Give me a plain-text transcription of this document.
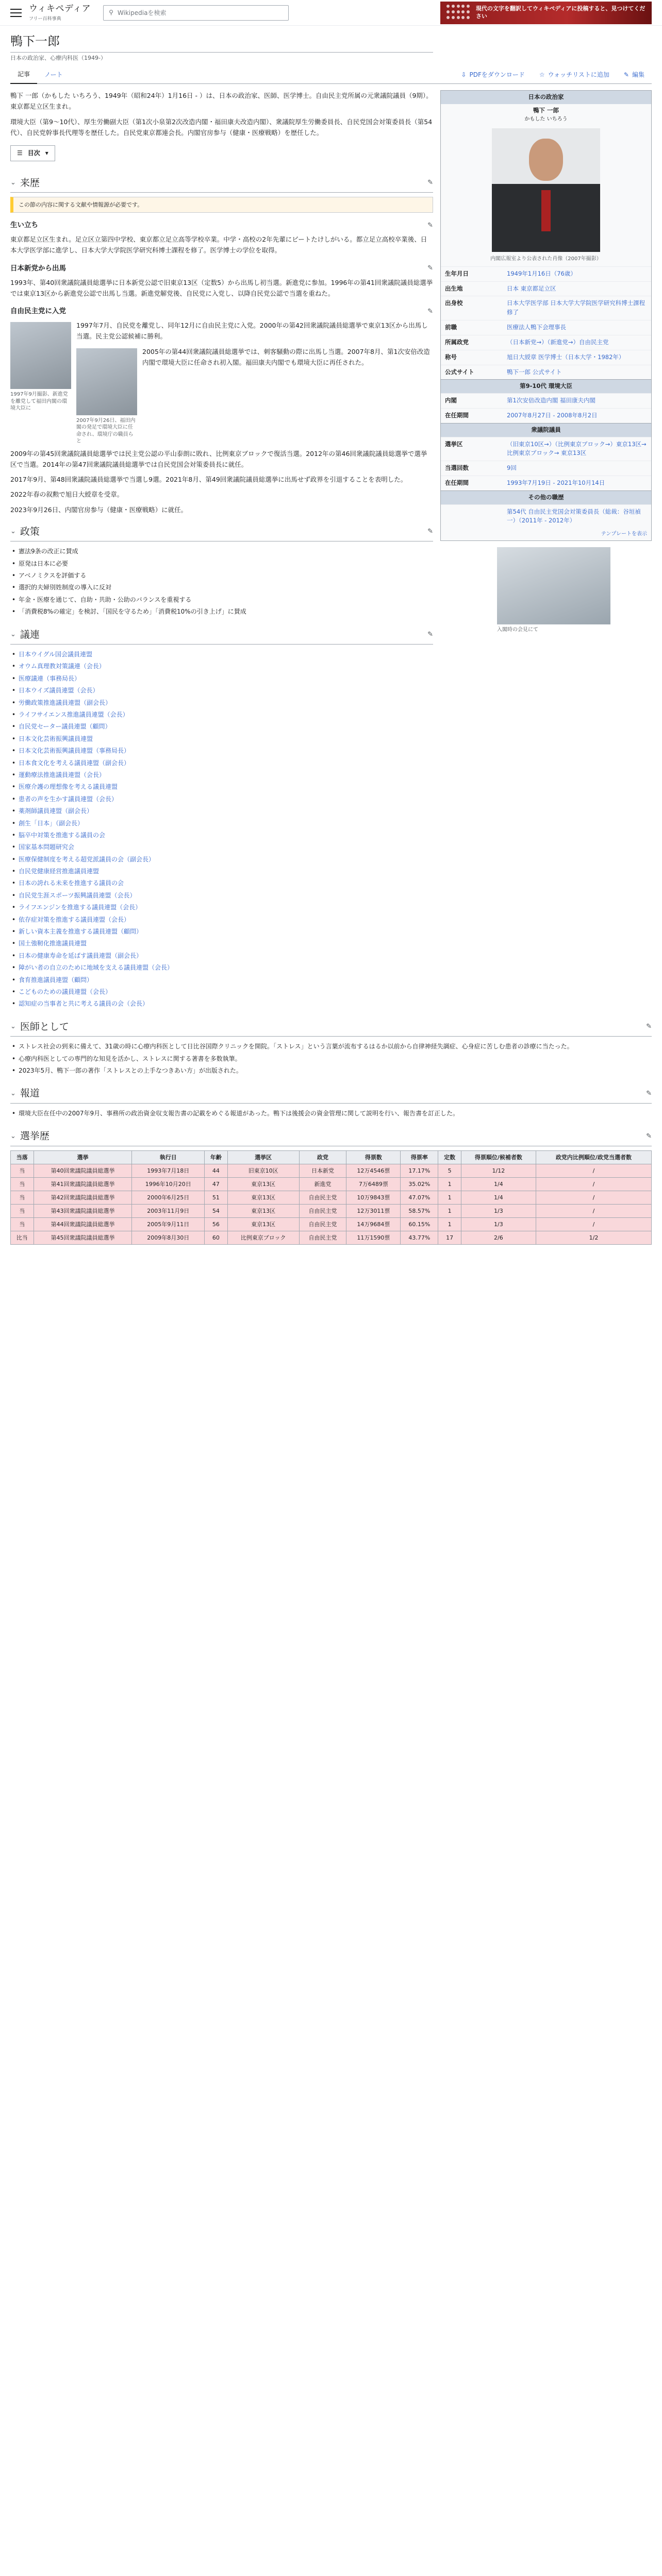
ウィキペディア
フリー百科事典
⚲
Wikipediaを検索
現代の文字を翻訳してウィキペディアに投稿すると、見つけてください
鴨下一郎
日本の政治家、心療内科医（1949-）
記事 ノート	⇩ PDFをダウンロード ☆ ウォッチリストに追加 ✎ 編集
日本の政治家
鴨下 一郎
かもした いちろう
内閣広報室より公表された肖像（2007年撮影）
生年月日	1949年1月16日（76歳）
出生地	日本 東京都足立区
出身校	日本大学医学部 日本大学大学院医学研究科博士課程修了
前職	医療法人鴨下会理事長
所属政党	（日本新党→）（新進党→）自由民主党
称号	旭日大綬章 医学博士（日本大学・1982年）
公式サイト	鴨下一郎 公式サイト
第9-10代 環境大臣
内閣	第1次安倍改造内閣 福田康夫内閣
在任期間	2007年8月27日 - 2008年8月2日
衆議院議員
選挙区	（旧東京10区→）（比例東京ブロック→）東京13区→ 比例東京ブロック→ 東京13区
当選回数	9回
在任期間	1993年7月19日 - 2021年10月14日
その他の職歴
第54代 自由民主党国会対策委員長（総裁：谷垣禎一）（2011年 - 2012年）
テンプレートを表示
入閣時の会見にて

鴨下 一郎（かもした いちろう、1949年（昭和24年）1月16日 - ）は、日本の政治家、医師、医学博士。自由民主党所属の元衆議院議員（9期）。東京都足立区生まれ。

環境大臣（第9〜10代）、厚生労働副大臣（第1次小泉第2次改造内閣・福田康夫改造内閣）、衆議院厚生労働委員長、自民党国会対策委員長（第54代）、自民党幹事長代理等を歴任した。自民党東京都連会長。内閣官房参与（健康・医療戦略）を歴任した。

☰ 目次 ▾
⌄ 来歴	✎
この節の内容に関する文献や情報源が必要です。
生い立ち	✎

東京都足立区生まれ。足立区立第四中学校、東京都立足立高等学校卒業。中学・高校の2年先輩にビートたけしがいる。都立足立高校卒業後、日本大学医学部に進学し、日本大学大学院医学研究科博士課程を修了。医学博士の学位を取得。

日本新党から出馬	✎

1993年、第40回衆議院議員総選挙に日本新党公認で旧東京13区（定数5）から出馬し初当選。新進党に参加。1996年の第41回衆議院議員総選挙では東京13区から新進党公認で出馬し当選。新進党解党後、自民党に入党し、以降自民党公認で当選を重ねた。

自由民主党に入党	✎
1997年9月撮影、新進党を離党して福田内閣の環境大臣に

1997年7月、自民党を離党し、同年12月に自由民主党に入党。2000年の第42回衆議院議員総選挙で東京13区から出馬し当選。民主党公認候補に勝利。

2007年9月26日、福田内閣の発足で環境大臣に任命され、環境庁の職員らと

2005年の第44回衆議院議員総選挙では、刺客騒動の際に出馬し当選。2007年8月、第1次安倍改造内閣で環境大臣に任命され初入閣。福田康夫内閣でも環境大臣に再任された。

2009年の第45回衆議院議員総選挙では民主党公認の平山泰朗に敗れ、比例東京ブロックで復活当選。2012年の第46回衆議院議員総選挙で選挙区で当選。2014年の第47回衆議院議員総選挙では自民党国会対策委員長に就任。

2017年9月、第48回衆議院議員総選挙で当選し9選。2021年8月、第49回衆議院議員総選挙に出馬せず政界を引退することを表明した。

2022年春の叙勲で旭日大綬章を受章。

2023年9月26日、内閣官房参与（健康・医療戦略）に就任。

⌄ 政策	✎
• 憲法9条の改正に賛成
• 原発は日本に必要
• アベノミクスを評価する
• 選択的夫婦別姓制度の導入に反対
• 年金・医療を通じて、自助・共助・公助のバランスを重視する
• 「消費税8%の確定」を検討、「国民を守るため」「消費税10%の引き上げ」に賛成
⌄ 議連	✎
• 日本ウイグル国会議員連盟
• オウム真理教対策議連（会長）
• 医療議連（事務局長）
• 日本ウイズ議員連盟（会長）
• 労働政策推進議員連盟（副会長）
• ライフサイエンス推進議員連盟（会長）
• 自民党セーター議員連盟（顧問）
• 日本文化芸術振興議員連盟
• 日本文化芸術振興議員連盟（事務局長）
• 日本食文化を考える議員連盟（副会長）
• 運動療法推進議員連盟（会長）
• 医療介護の理想像を考える議員連盟
• 患者の声を生かす議員連盟（会長）
• 薬剤師議員連盟（副会長）
• 創生「日本」（副会長）
• 脳卒中対策を推進する議員の会
• 国家基本問題研究会
• 医療保健制度を考える超党派議員の会（副会長）
• 自民党健康経営推進議員連盟
• 日本の誇れる未来を推進する議員の会
• 自民党生涯スポーツ振興議員連盟（会長）
• ライフエンジンを推進する議員連盟（会長）
• 依存症対策を推進する議員連盟（会長）
• 新しい資本主義を推進する議員連盟（顧問）
• 国土強靭化推進議員連盟
• 日本の健康寿命を延ばす議員連盟（副会長）
• 障がい者の自立のために地域を支える議員連盟（会長）
• 食育推進議員連盟（顧問）
• こどものための議員連盟（会長）
• 認知症の当事者と共に考える議員の会（会長）
⌄ 医師として	✎
• ストレス社会の到来に備えて、31歳の時に心療内科医として日比谷国際クリニックを開院。「ストレス」という言葉が流布するはるか以前から自律神経失調症、心身症に苦しむ患者の診療に当たった。
• 心療内科医としての専門的な知見を活かし、ストレスに関する著書を多数執筆。
• 2023年5月、鴨下一郎の著作「ストレスとの上手なつきあい方」が出版された。
⌄ 報道	✎
• 環境大臣在任中の2007年9月、事務所の政治資金収支報告書の記載をめぐる報道があった。鴨下は後援会の資金管理に関して説明を行い、報告書を訂正した。
⌄ 選挙歴	✎
当落	選挙	執行日	年齢	選挙区	政党	得票数	得票率	定数	得票順位/候補者数	政党内比例順位/政党当選者数
当	第40回衆議院議員総選挙	1993年7月18日	44	旧東京10区	日本新党	12万4546票	17.17%	5	1/12	/
当	第41回衆議院議員総選挙	1996年10月20日	47	東京13区	新進党	7万6489票	35.02%	1	1/4	/
当	第42回衆議院議員総選挙	2000年6月25日	51	東京13区	自由民主党	10万9843票	47.07%	1	1/4	/
当	第43回衆議院議員総選挙	2003年11月9日	54	東京13区	自由民主党	12万3011票	58.57%	1	1/3	/
当	第44回衆議院議員総選挙	2005年9月11日	56	東京13区	自由民主党	14万9684票	60.15%	1	1/3	/
比当	第45回衆議院議員総選挙	2009年8月30日	60	比例東京ブロック	自由民主党	11万1590票	43.77%	17	2/6	1/2
